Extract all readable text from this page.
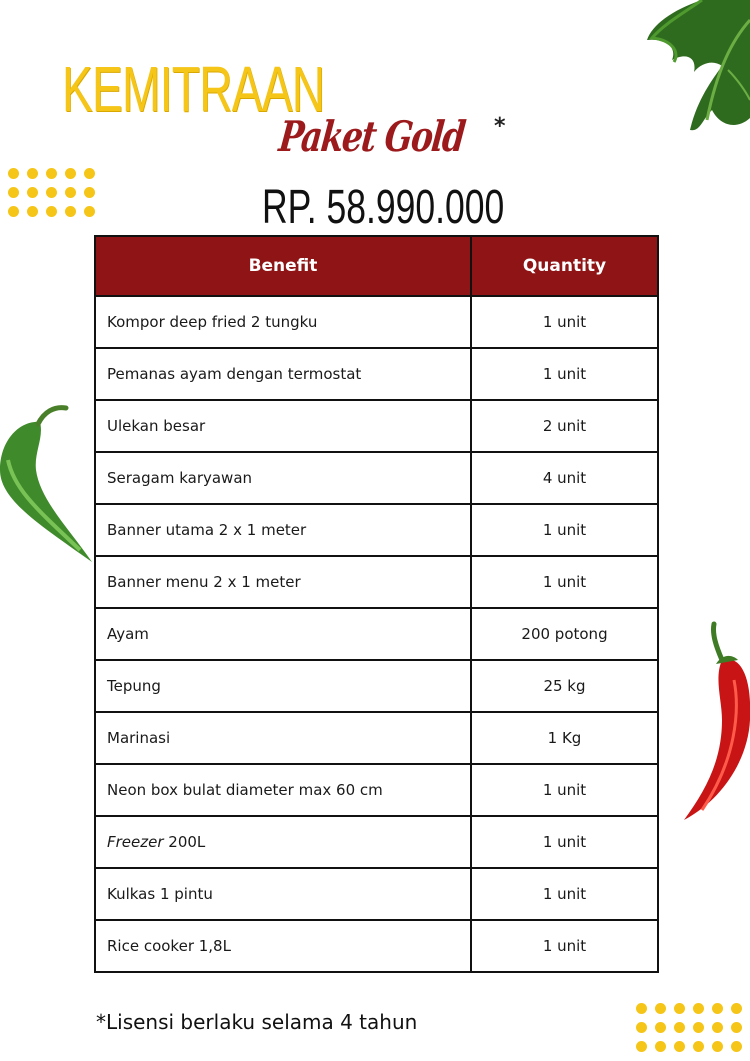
KEMITRAAN
Paket Gold *
RP. 58.990.000
Benefit	Quantity
Kompor deep fried 2 tungku	1 unit
Pemanas ayam dengan termostat	1 unit
Ulekan besar	2 unit
Seragam karyawan	4 unit
Banner utama 2 x 1 meter	1 unit
Banner menu 2 x 1 meter	1 unit
Ayam	200 potong
Tepung	25 kg
Marinasi	1 Kg
Neon box bulat diameter max 60 cm	1 unit
Freezer 200L	1 unit
Kulkas 1 pintu	1 unit
Rice cooker 1,8L	1 unit
*Lisensi berlaku selama 4 tahun
